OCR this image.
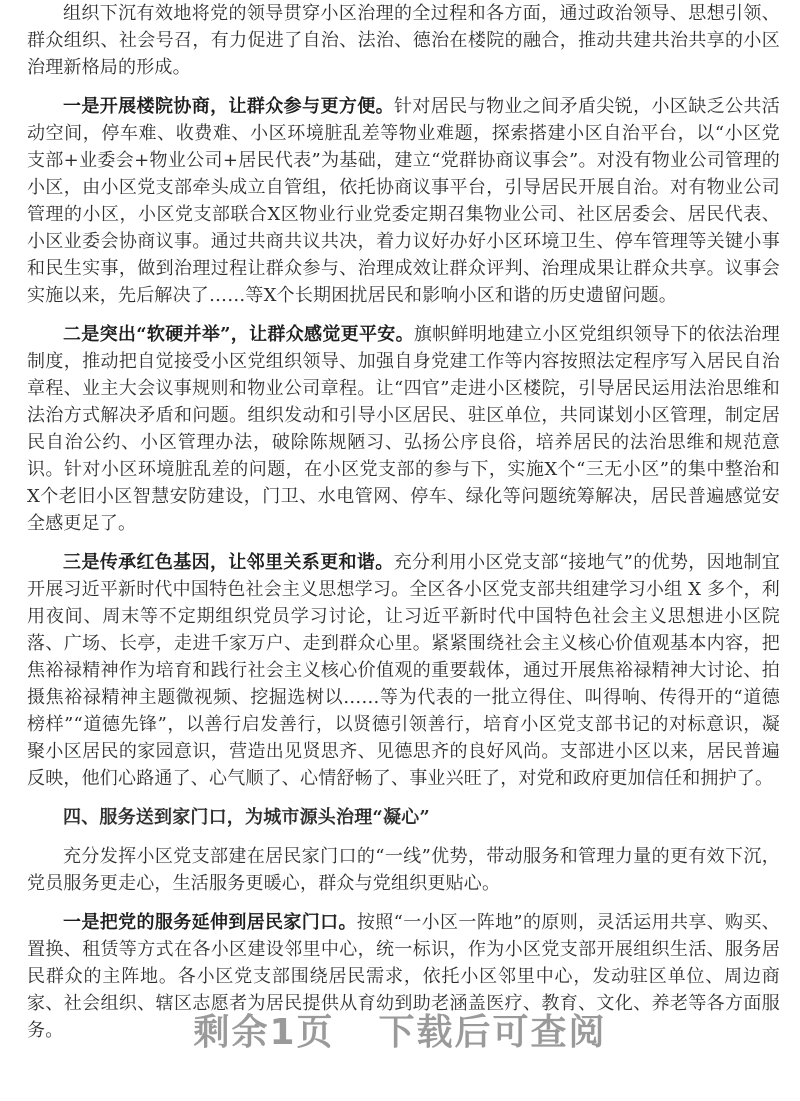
组织下沉有效地将党的领导贯穿小区治理的全过程和各方面，通过政治领导、思想引领、群众组织、社会号召，有力促进了自治、法治、德治在楼院的融合，推动共建共治共享的小区治理新格局的形成。

一是开展楼院协商，让群众参与更方便。针对居民与物业之间矛盾尖锐，小区缺乏公共活动空间，停车难、收费难、小区环境脏乱差等物业难题，探索搭建小区自治平台，以“小区党支部+业委会+物业公司+居民代表”为基础，建立“党群协商议事会”。对没有物业公司管理的小区，由小区党支部牵头成立自管组，依托协商议事平台，引导居民开展自治。对有物业公司管理的小区，小区党支部联合X区物业行业党委定期召集物业公司、社区居委会、居民代表、小区业委会协商议事。通过共商共议共决，着力议好办好小区环境卫生、停车管理等关键小事和民生实事，做到治理过程让群众参与、治理成效让群众评判、治理成果让群众共享。议事会实施以来，先后解决了……等X个长期困扰居民和影响小区和谐的历史遗留问题。

二是突出“软硬并举”，让群众感觉更平安。旗帜鲜明地建立小区党组织领导下的依法治理制度，推动把自觉接受小区党组织领导、加强自身党建工作等内容按照法定程序写入居民自治章程、业主大会议事规则和物业公司章程。让“四官”走进小区楼院，引导居民运用法治思维和法治方式解决矛盾和问题。组织发动和引导小区居民、驻区单位，共同谋划小区管理，制定居民自治公约、小区管理办法，破除陈规陋习、弘扬公序良俗，培养居民的法治思维和规范意识。针对小区环境脏乱差的问题，在小区党支部的参与下，实施X个“三无小区”的集中整治和X个老旧小区智慧安防建设，门卫、水电管网、停车、绿化等问题统筹解决，居民普遍感觉安全感更足了。

三是传承红色基因，让邻里关系更和谐。充分利用小区党支部“接地气”的优势，因地制宜开展习近平新时代中国特色社会主义思想学习。全区各小区党支部共组建学习小组 X 多个，利用夜间、周末等不定期组织党员学习讨论，让习近平新时代中国特色社会主义思想进小区院落、广场、长亭，走进千家万户、走到群众心里。紧紧围绕社会主义核心价值观基本内容，把焦裕禄精神作为培育和践行社会主义核心价值观的重要载体，通过开展焦裕禄精神大讨论、拍摄焦裕禄精神主题微视频、挖掘选树以……等为代表的一批立得住、叫得响、传得开的“道德榜样”“道德先锋”，以善行启发善行，以贤德引领善行，培育小区党支部书记的对标意识，凝聚小区居民的家园意识，营造出见贤思齐、见德思齐的良好风尚。支部进小区以来，居民普遍反映，他们心路通了、心气顺了、心情舒畅了、事业兴旺了，对党和政府更加信任和拥护了。

四、服务送到家门口，为城市源头治理“凝心”

充分发挥小区党支部建在居民家门口的“一线”优势，带动服务和管理力量的更有效下沉，党员服务更走心，生活服务更暖心，群众与党组织更贴心。

一是把党的服务延伸到居民家门口。按照“一小区一阵地”的原则，灵活运用共享、购买、置换、租赁等方式在各小区建设邻里中心，统一标识，作为小区党支部开展组织生活、服务居民群众的主阵地。各小区党支部围绕居民需求，依托小区邻里中心，发动驻区单位、周边商家、社会组织、辖区志愿者为居民提供从育幼到助老涵盖医疗、教育、文化、养老等各方面服务。	剩余1页 下载后可查阅
